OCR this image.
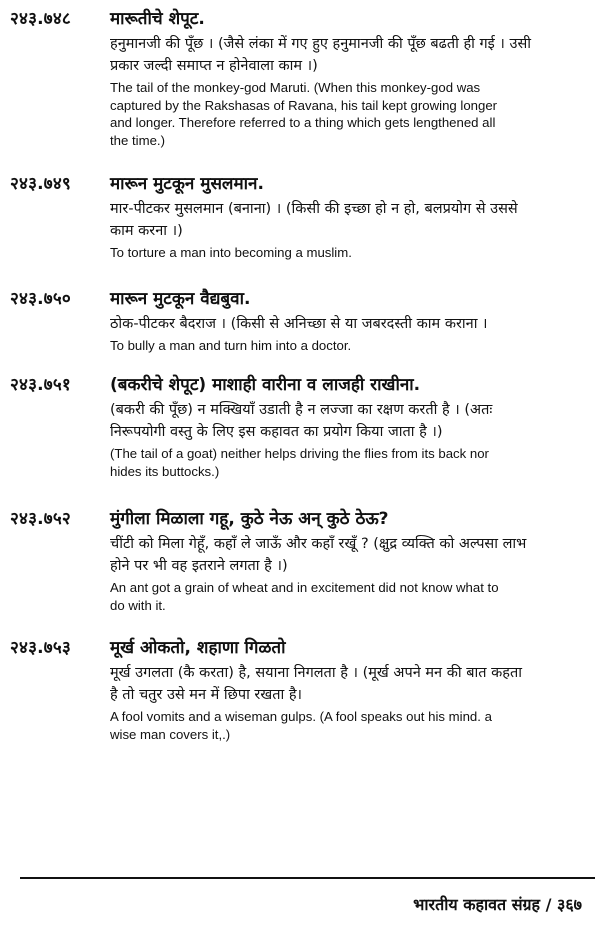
२४३.७४८	मारूतीचे शेपूट.
हनुमानजी की पूँछ । (जैसे लंका में गए हुए हनुमानजी की पूँछ बढती ही गई । उसी
प्रकार जल्दी समाप्त न होनेवाला काम ।)
The tail of the monkey-god Maruti. (When this monkey-god was
captured by the Rakshasas of Ravana, his tail kept growing longer
and longer. Therefore referred to a thing which gets lengthened all
the time.)
२४३.७४९	मारून मुटकून मुसलमान.
मार-पीटकर मुसलमान (बनाना) । (किसी की इच्छा हो न हो, बलप्रयोग से उससे
काम करना ।)
To torture a man into becoming a muslim.
२४३.७५०	मारून मुटकून वैद्यबुवा.
ठोक-पीटकर बैदराज । (किसी से अनिच्छा से या जबरदस्ती काम कराना ।
To bully a man and turn him into a doctor.
२४३.७५१	(बकरीचे शेपूट) माशाही वारीना व लाजही राखीना.
(बकरी की पूँछ) न मक्खियाँ उडाती है न लज्जा का रक्षण करती है । (अतः
निरूपयोगी वस्तु के लिए इस कहावत का प्रयोग किया जाता है ।)
(The tail of a goat) neither helps driving the flies from its back nor
hides its buttocks.)
२४३.७५२	मुंगीला मिळाला गहू, कुठे नेऊ अन् कुठे ठेऊ?
चींटी को मिला गेहूँ, कहाँ ले जाऊँ और कहाँ रखूँ ? (क्षुद्र व्यक्ति को अल्पसा लाभ
होने पर भी वह इतराने लगता है ।)
An ant got a grain of wheat and in excitement did not know what to
do with it.
२४३.७५३	मूर्ख ओकतो, शहाणा गिळतो
मूर्ख उगलता (कै करता) है, सयाना निगलता है । (मूर्ख अपने मन की बात कहता
है तो चतुर उसे मन में छिपा रखता है।
A fool vomits and a wiseman gulps. (A fool speaks out his mind. a
wise man covers it,.)
भारतीय कहावत संग्रह / ३६७
